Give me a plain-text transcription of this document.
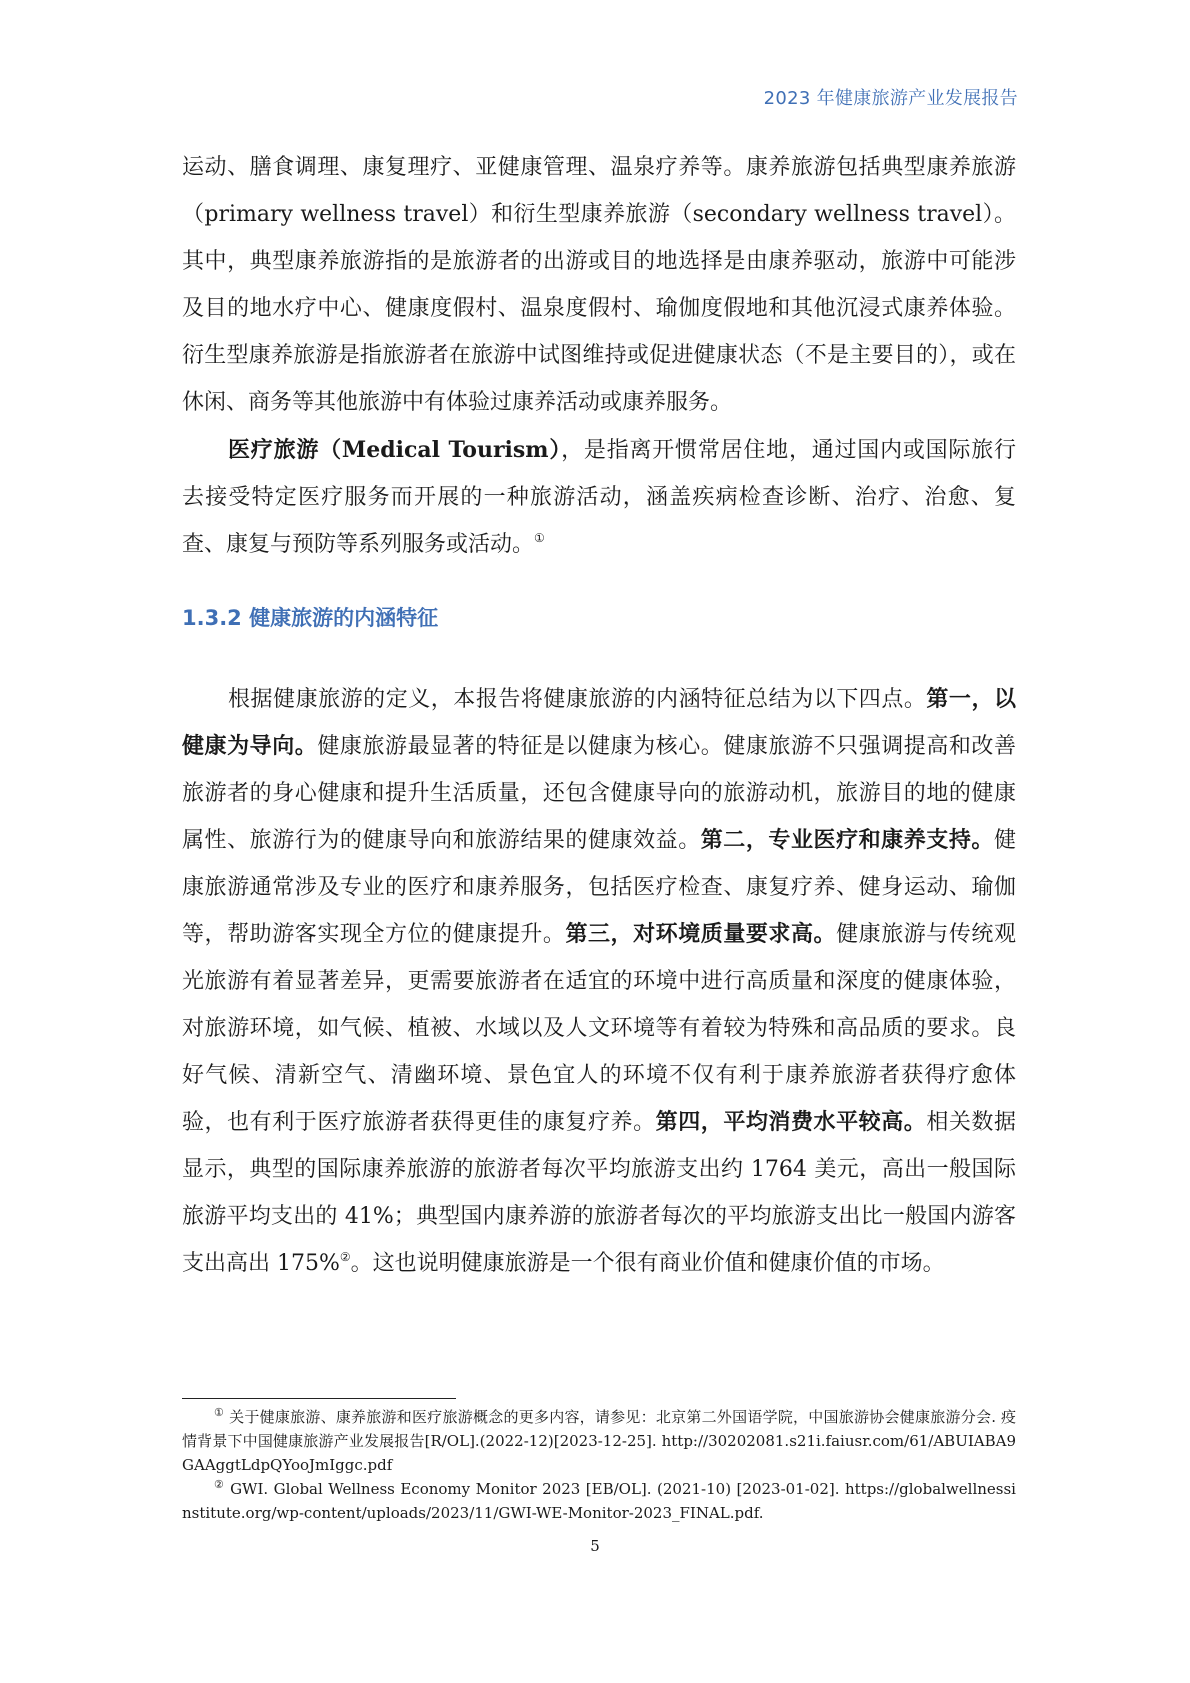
2023 年健康旅游产业发展报告

运动、膳食调理、康复理疗、亚健康管理、温泉疗养等。康养旅游包括典型康养旅游（primary wellness travel）和衍生型康养旅游（secondary wellness travel）。其中，典型康养旅游指的是旅游者的出游或目的地选择是由康养驱动，旅游中可能涉及目的地水疗中心、健康度假村、温泉度假村、瑜伽度假地和其他沉浸式康养体验。衍生型康养旅游是指旅游者在旅游中试图维持或促进健康状态（不是主要目的），或在休闲、商务等其他旅游中有体验过康养活动或康养服务。

医疗旅游（Medical Tourism），是指离开惯常居住地，通过国内或国际旅行去接受特定医疗服务而开展的一种旅游活动，涵盖疾病检查诊断、治疗、治愈、复查、康复与预防等系列服务或活动。①

1.3.2 健康旅游的内涵特征

根据健康旅游的定义，本报告将健康旅游的内涵特征总结为以下四点。第一，以健康为导向。健康旅游最显著的特征是以健康为核心。健康旅游不只强调提高和改善旅游者的身心健康和提升生活质量，还包含健康导向的旅游动机，旅游目的地的健康属性、旅游行为的健康导向和旅游结果的健康效益。第二，专业医疗和康养支持。健康旅游通常涉及专业的医疗和康养服务，包括医疗检查、康复疗养、健身运动、瑜伽等，帮助游客实现全方位的健康提升。第三，对环境质量要求高。健康旅游与传统观光旅游有着显著差异，更需要旅游者在适宜的环境中进行高质量和深度的健康体验，对旅游环境，如气候、植被、水域以及人文环境等有着较为特殊和高品质的要求。良好气候、清新空气、清幽环境、景色宜人的环境不仅有利于康养旅游者获得疗愈体验，也有利于医疗旅游者获得更佳的康复疗养。第四，平均消费水平较高。相关数据显示，典型的国际康养旅游的旅游者每次平均旅游支出约 1764 美元，高出一般国际旅游平均支出的 41%；典型国内康养游的旅游者每次的平均旅游支出比一般国内游客支出高出 175%②。这也说明健康旅游是一个很有商业价值和健康价值的市场。

① 关于健康旅游、康养旅游和医疗旅游概念的更多内容，请参见：北京第二外国语学院，中国旅游协会健康旅游分会. 疫情背景下中国健康旅游产业发展报告[R/OL].(2022-12)[2023-12-25]. http://30202081.s21i.faiusr.com/61/ABUIABA9GAAggtLdpQYooJmIggc.pdf

② GWI. Global Wellness Economy Monitor 2023 [EB/OL]. (2021-10) [2023-01-02]. https://globalwellnessinstitute.org/wp-content/uploads/2023/11/GWI-WE-Monitor-2023_FINAL.pdf.

5
